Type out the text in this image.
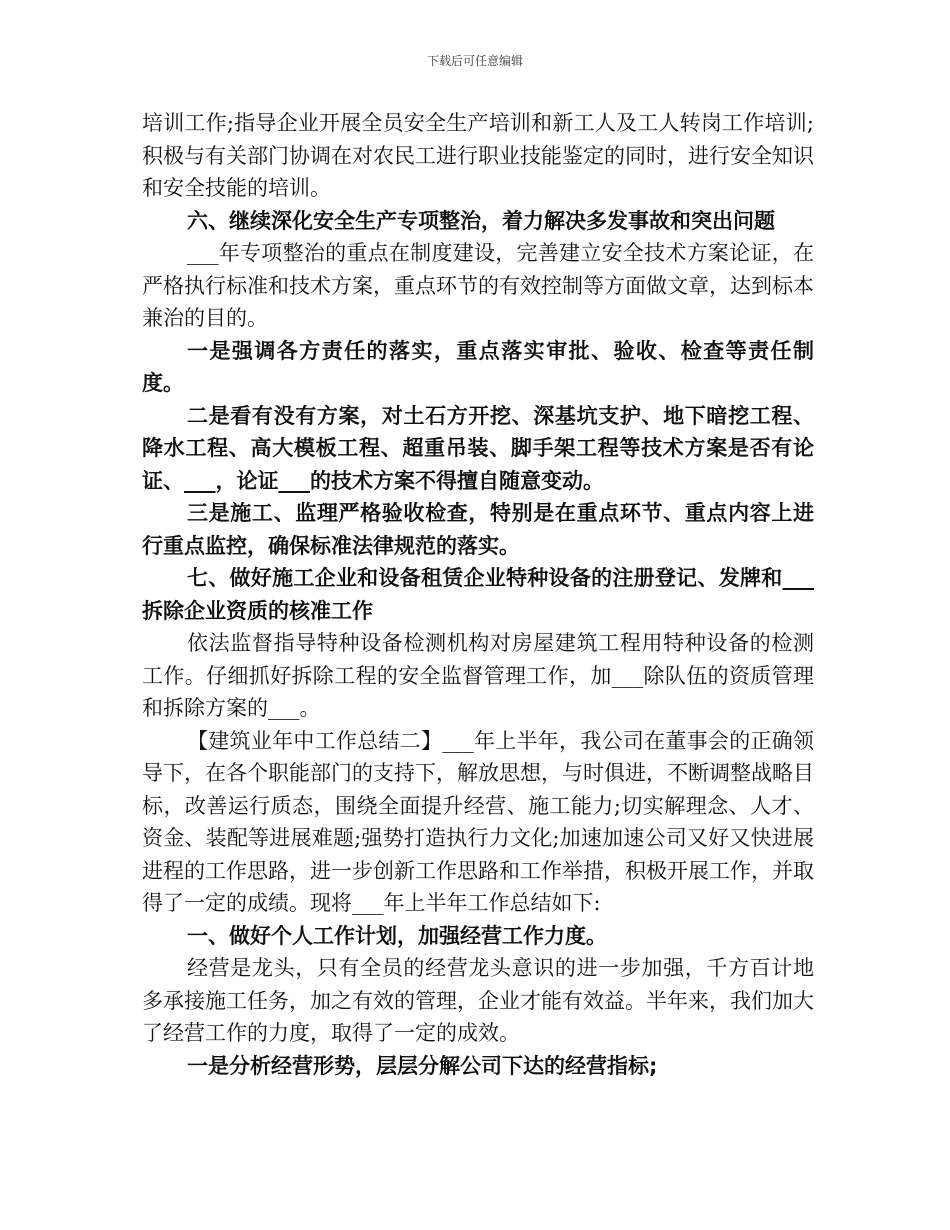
下载后可任意编辑

培训工作;指导企业开展全员安全生产培训和新工人及工人转岗工作培训;积极与有关部门协调在对农民工进行职业技能鉴定的同时，进行安全知识和安全技能的培训。

六、继续深化安全生产专项整治，着力解决多发事故和突出问题

___年专项整治的重点在制度建设，完善建立安全技术方案论证，在严格执行标准和技术方案，重点环节的有效控制等方面做文章，达到标本兼治的目的。

一是强调各方责任的落实，重点落实审批、验收、检查等责任制度。

二是看有没有方案，对土石方开挖、深基坑支护、地下暗挖工程、降水工程、高大模板工程、超重吊装、脚手架工程等技术方案是否有论证、___，论证___的技术方案不得擅自随意变动。

三是施工、监理严格验收检查，特别是在重点环节、重点内容上进行重点监控，确保标准法律规范的落实。

七、做好施工企业和设备租赁企业特种设备的注册登记、发牌和___拆除企业资质的核准工作

依法监督指导特种设备检测机构对房屋建筑工程用特种设备的检测工作。仔细抓好拆除工程的安全监督管理工作，加___除队伍的资质管理和拆除方案的___。

【建筑业年中工作总结二】___年上半年，我公司在董事会的正确领导下，在各个职能部门的支持下，解放思想，与时俱进，不断调整战略目标，改善运行质态，围绕全面提升经营、施工能力;切实解理念、人才、资金、装配等进展难题;强势打造执行力文化;加速加速公司又好又快进展进程的工作思路，进一步创新工作思路和工作举措，积极开展工作，并取得了一定的成绩。现将___年上半年工作总结如下:

一、做好个人工作计划，加强经营工作力度。

经营是龙头，只有全员的经营龙头意识的进一步加强，千方百计地多承接施工任务，加之有效的管理，企业才能有效益。半年来，我们加大了经营工作的力度，取得了一定的成效。

一是分析经营形势，层层分解公司下达的经营指标;
